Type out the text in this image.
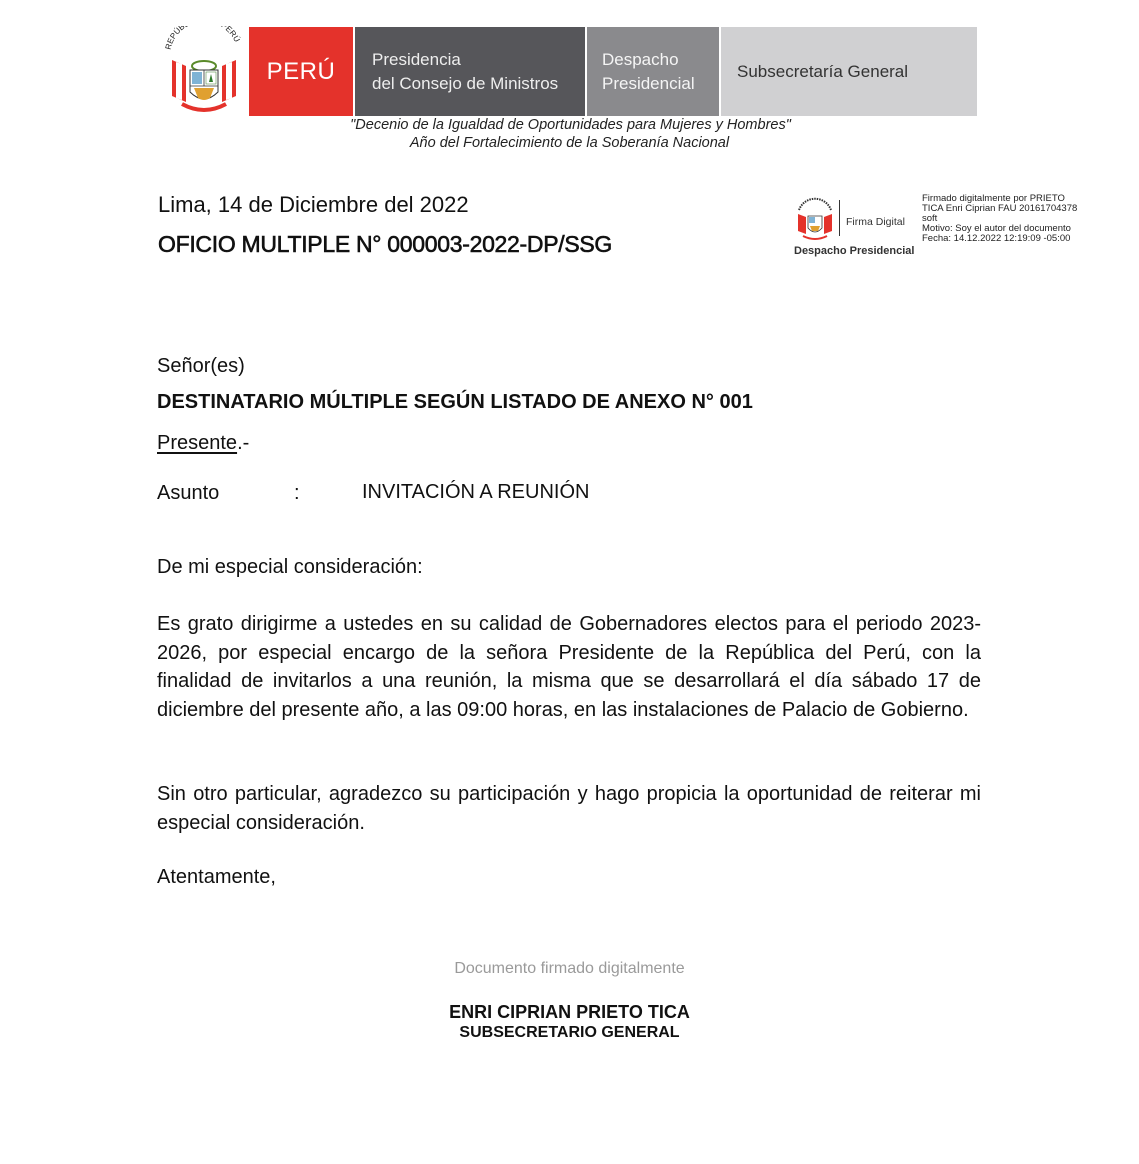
REPÚB ERÚ
PERÚ Presidencia
del Consejo de Ministros
Despacho
Presidencial
Subsecretaría General
"Decenio de la Igualdad de Oportunidades para Mujeres y Hombres"
Año del Fortalecimiento de la Soberanía Nacional
Lima, 14 de Diciembre del 2022
OFICIO MULTIPLE N° 000003-2022-DP/SSG
Firma Digital
Despacho Presidencial
Firmado digitalmente por PRIETO
TICA Enri Ciprian FAU 20161704378
soft
Motivo: Soy el autor del documento
Fecha: 14.12.2022 12:19:09 -05:00
Señor(es)
DESTINATARIO MÚLTIPLE SEGÚN LISTADO DE ANEXO N° 001
Presente.-
Asunto	:	INVITACIÓN A REUNIÓN
De mi especial consideración:
Es grato dirigirme a ustedes en su calidad de Gobernadores electos para el periodo 2023-2026, por especial encargo de la señora Presidente de la República del Perú, con la finalidad de invitarlos a una reunión, la misma que se desarrollará el día sábado 17 de diciembre del presente año, a las 09:00 horas, en las instalaciones de Palacio de Gobierno.
Sin otro particular, agradezco su participación y hago propicia la oportunidad de reiterar mi especial consideración.
Atentamente,
Documento firmado digitalmente
ENRI CIPRIAN PRIETO TICA
SUBSECRETARIO GENERAL
